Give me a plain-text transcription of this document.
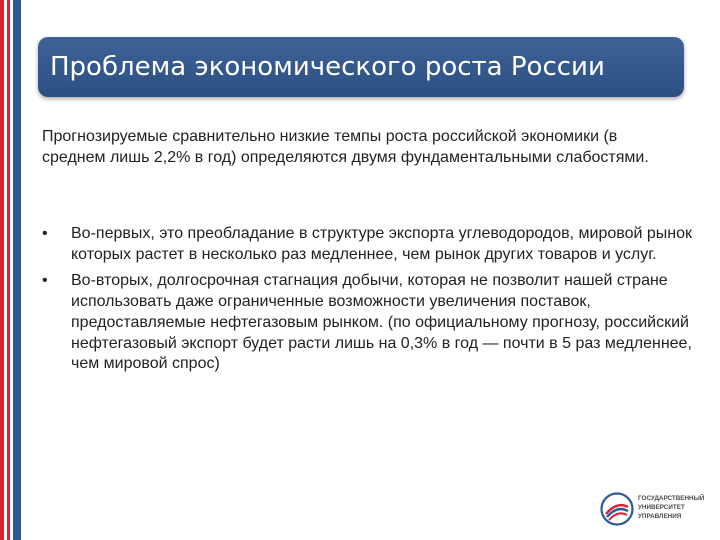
Проблема экономического роста России
Прогнозируемые сравнительно низкие темпы роста российской экономики (в среднем лишь 2,2% в год) определяются двумя фундаментальными слабостями.
• Во-первых, это преобладание в структуре экспорта углеводородов, мировой рынок которых растет в несколько раз медленнее, чем рынок других товаров и услуг.
• Во-вторых, долгосрочная стагнация добычи, которая не позволит нашей стране использовать даже ограниченные возможности увеличения поставок, предоставляемые нефтегазовым рынком. (по официальному прогнозу, российский нефтегазовый экспорт будет расти лишь на 0,3% в год — почти в 5 раз медленнее, чем мировой спрос)
ГОСУДАРСТВЕННЫЙ
УНИВЕРСИТЕТ
УПРАВЛЕНИЯ
